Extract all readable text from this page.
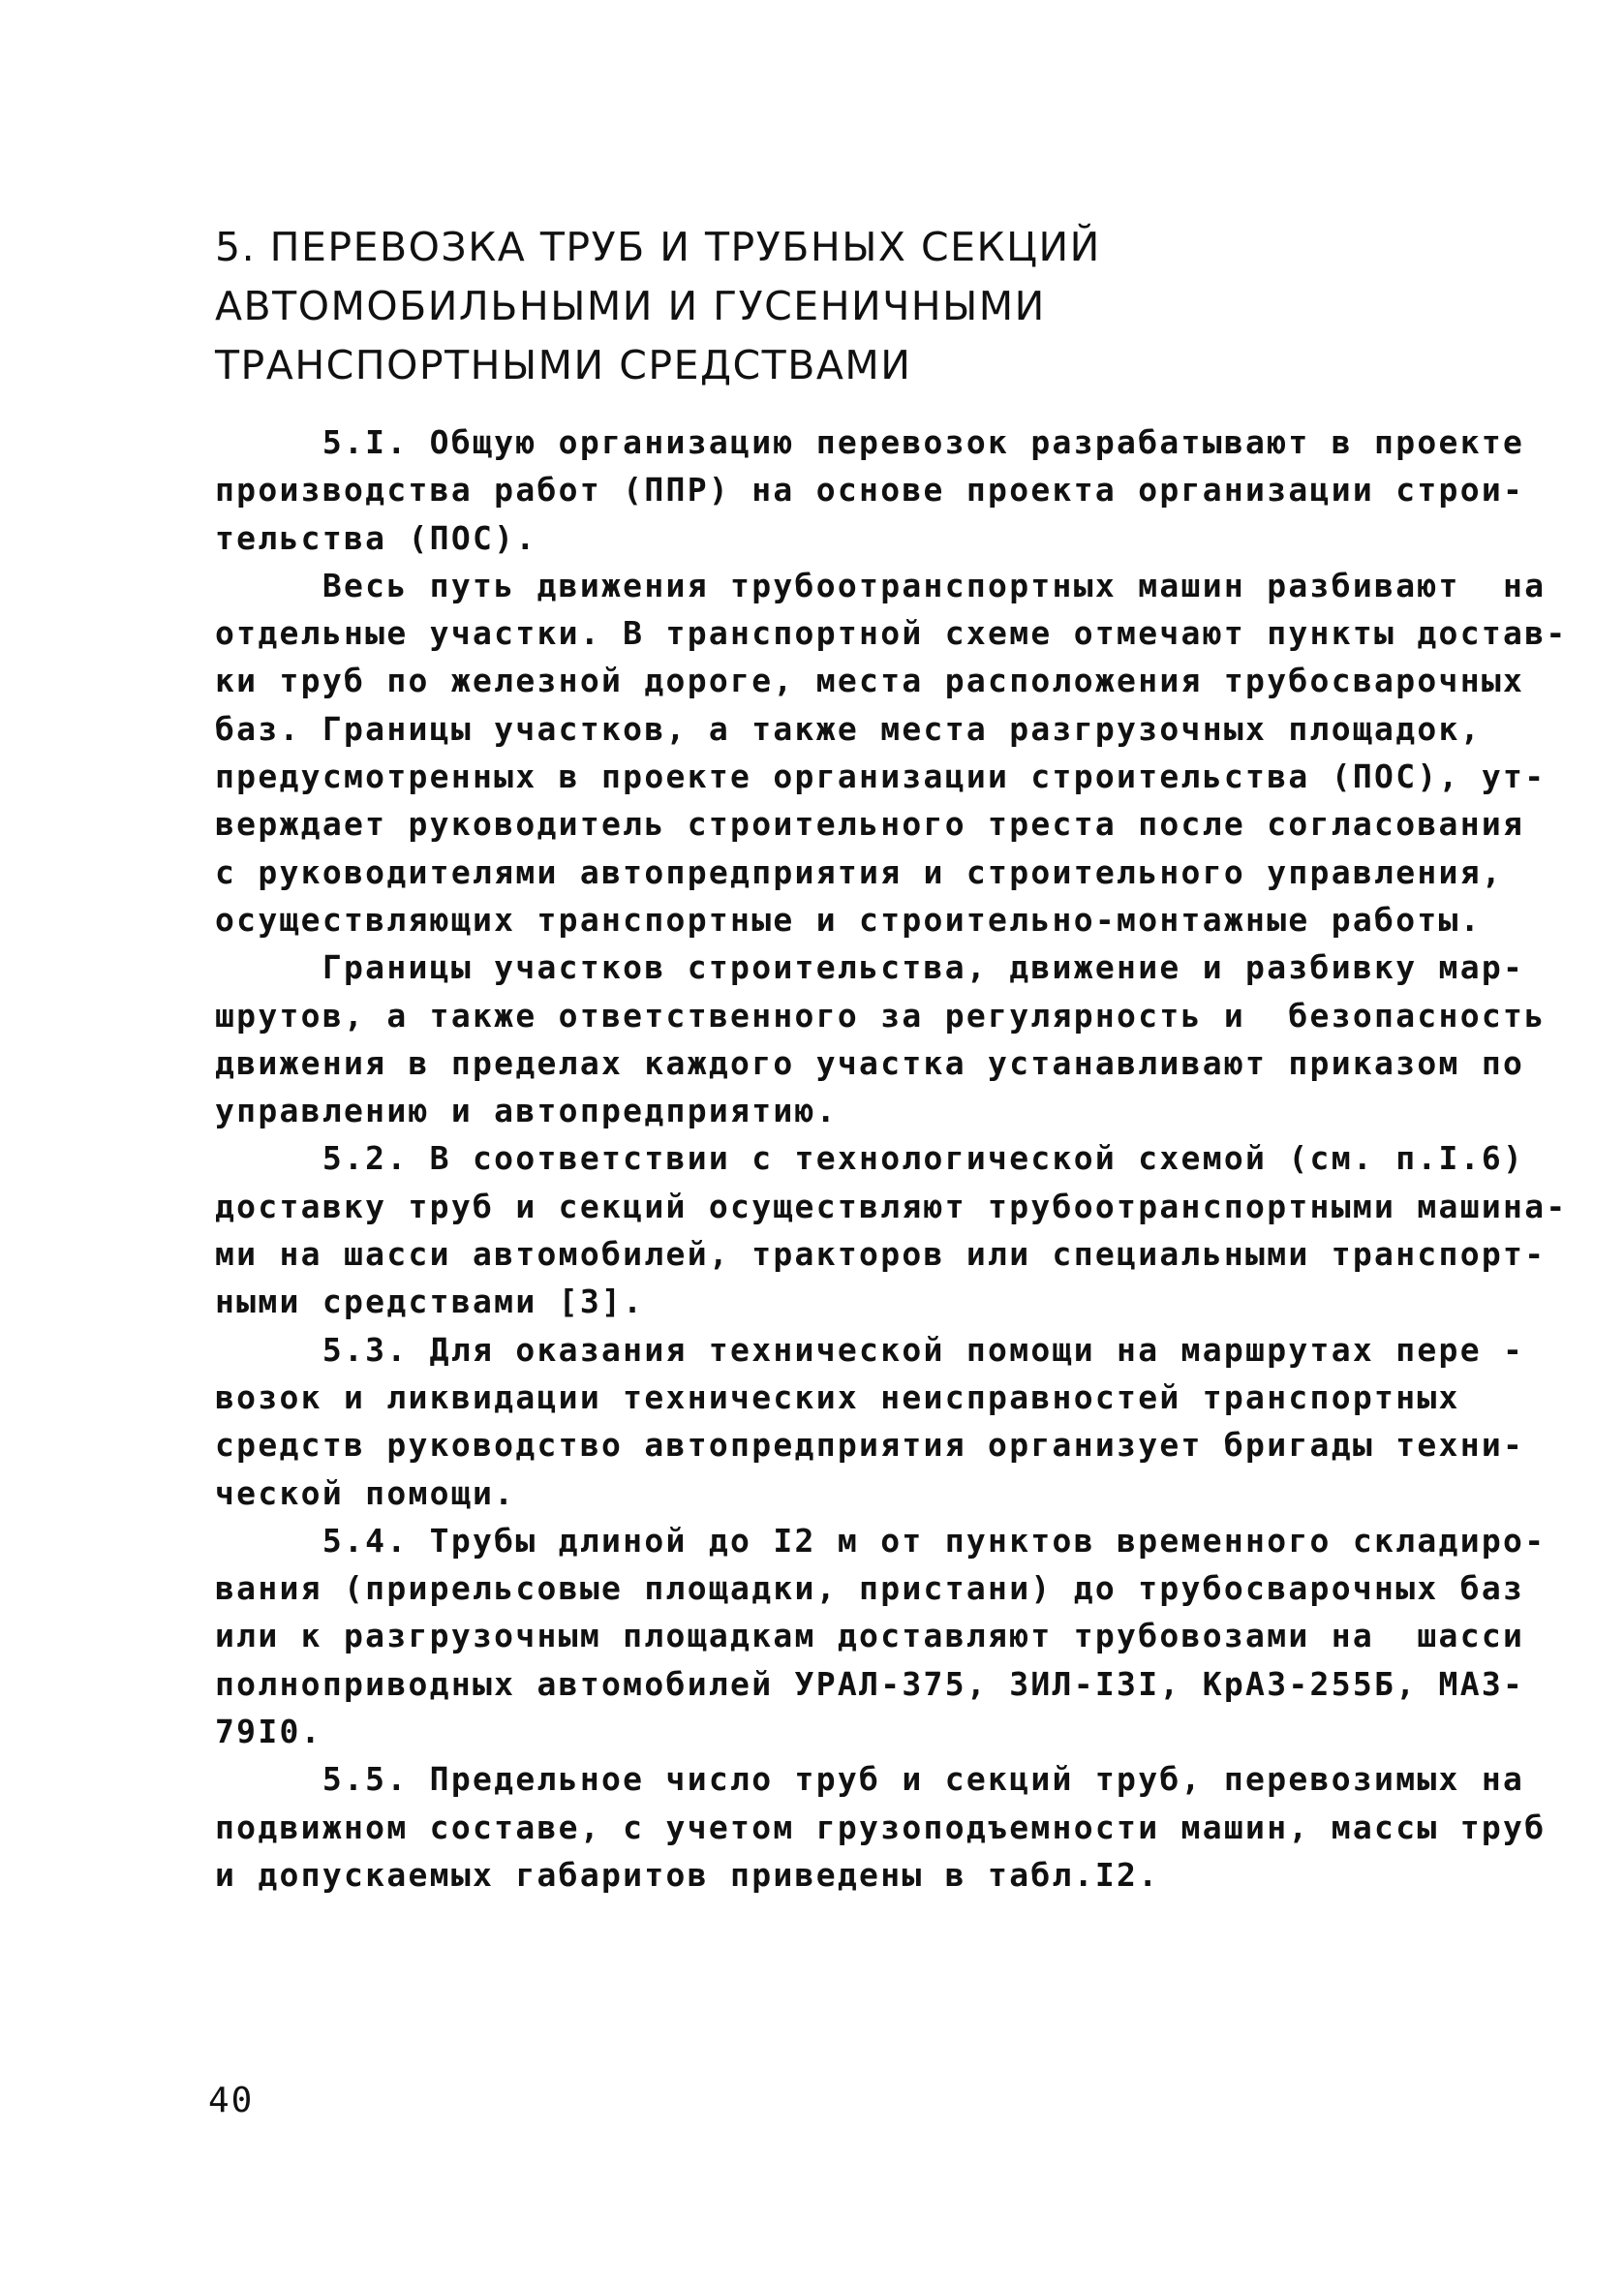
5. ПЕРЕВОЗКА ТРУБ И ТРУБНЫХ СЕКЦИЙ
АВТОМОБИЛЬНЫМИ И ГУСЕНИЧНЫМИ
ТРАНСПОРТНЫМИ СРЕДСТВАМИ
5.I. Общую организацию перевозок разрабатывают в проекте
производства работ (ППР) на основе проекта организации строи-
тельства (ПОС).
Весь путь движения трубоотранспортных машин разбивают  на
отдельные участки. В транспортной схеме отмечают пункты достав-
ки труб по железной дороге, места расположения трубосварочных
баз. Границы участков, а также места разгрузочных площадок,
предусмотренных в проекте организации строительства (ПОС), ут-
верждает руководитель строительного треста после согласования
с руководителями автопредприятия и строительного управления,
осуществляющих транспортные и строительно-монтажные работы.
Границы участков строительства, движение и разбивку мар-
шрутов, а также ответственного за регулярность и  безопасность
движения в пределах каждого участка устанавливают приказом по
управлению и автопредприятию.
5.2. В соответствии с технологической схемой (см. п.I.6)
доставку труб и секций осуществляют трубоотранспортными машина-
ми на шасси автомобилей, тракторов или специальными транспорт-
ными средствами [3].
5.3. Для оказания технической помощи на маршрутах пере -
возок и ликвидации технических неисправностей транспортных
средств руководство автопредприятия организует бригады техни-
ческой помощи.
5.4. Трубы длиной до I2 м от пунктов временного складиро-
вания (прирельсовые площадки, пристани) до трубосварочных баз
или к разгрузочным площадкам доставляют трубовозами на  шасси
полноприводных автомобилей УРАЛ-375, ЗИЛ-I3I, КрАЗ-255Б, МАЗ-
79I0.
5.5. Предельное число труб и секций труб, перевозимых на
подвижном составе, с учетом грузоподъемности машин, массы труб
и допускаемых габаритов приведены в табл.I2.
40
